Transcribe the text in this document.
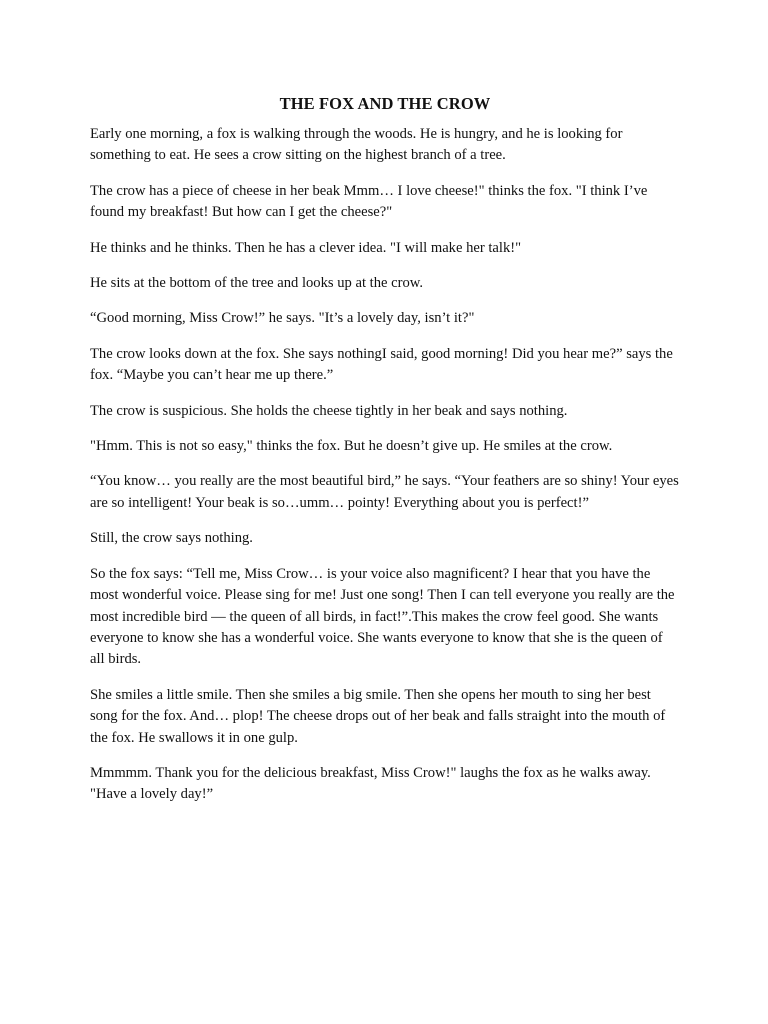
THE FOX AND THE CROW

Early one morning, a fox is walking through the woods. He is hungry, and he is looking for something to eat. He sees a crow sitting on the highest branch of a tree.

The crow has a piece of cheese in her beak Mmm… I love cheese!" thinks the fox. "I think I’ve found my breakfast! But how can I get the cheese?"

He thinks and he thinks. Then he has a clever idea. "I will make her talk!"

He sits at the bottom of the tree and looks up at the crow.

“Good morning, Miss Crow!” he says. "It’s a lovely day, isn’t it?"

The crow looks down at the fox. She says nothingI said, good morning! Did you hear me?” says the fox. “Maybe you can’t hear me up there.”

The crow is suspicious. She holds the cheese tightly in her beak and says nothing.

"Hmm. This is not so easy," thinks the fox. But he doesn’t give up. He smiles at the crow.

“You know… you really are the most beautiful bird,” he says. “Your feathers are so shiny! Your eyes are so intelligent! Your beak is so…umm… pointy! Everything about you is perfect!”

Still, the crow says nothing.

So the fox says: “Tell me, Miss Crow… is your voice also magnificent? I hear that you have the most wonderful voice. Please sing for me! Just one song! Then I can tell everyone you really are the most incredible bird — the queen of all birds, in fact!”.This makes the crow feel good. She wants everyone to know she has a wonderful voice. She wants everyone to know that she is the queen of all birds.

She smiles a little smile. Then she smiles a big smile. Then she opens her mouth to sing her best song for the fox. And… plop! The cheese drops out of her beak and falls straight into the mouth of the fox. He swallows it in one gulp.

Mmmmm. Thank you for the delicious breakfast, Miss Crow!" laughs the fox as he walks away. "Have a lovely day!”
